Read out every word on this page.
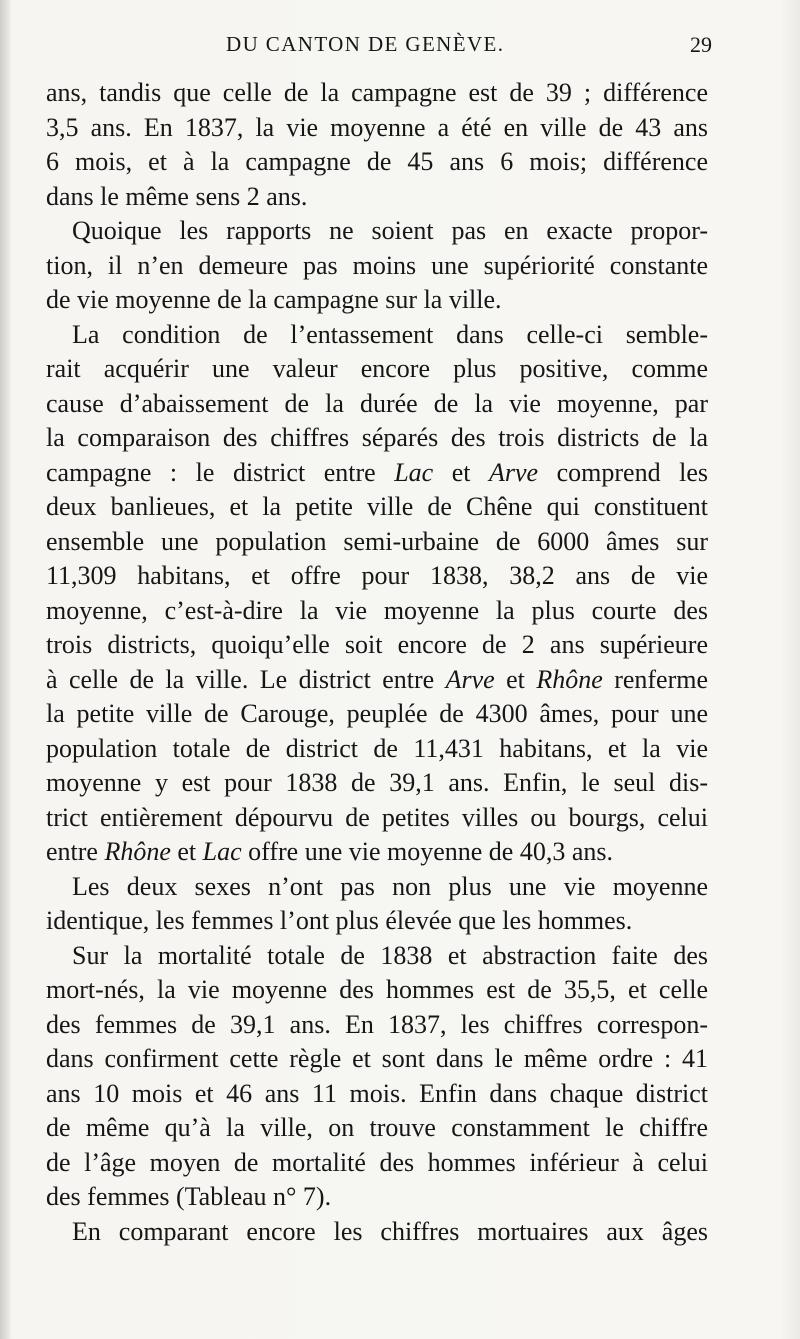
DU CANTON DE GENÈVE.	29
ans, tandis que celle de la campagne est de 39 ; différence
3,5 ans. En 1837, la vie moyenne a été en ville de 43 ans
6 mois, et à la campagne de 45 ans 6 mois; différence
dans le même sens 2 ans.
Quoique les rapports ne soient pas en exacte propor-
tion, il n’en demeure pas moins une supériorité constante
de vie moyenne de la campagne sur la ville.
La condition de l’entassement dans celle-ci semble-
rait acquérir une valeur encore plus positive, comme
cause d’abaissement de la durée de la vie moyenne, par
la comparaison des chiffres séparés des trois districts de la
campagne : le district entre Lac et Arve comprend les
deux banlieues, et la petite ville de Chêne qui constituent
ensemble une population semi-urbaine de 6000 âmes sur
11,309 habitans, et offre pour 1838, 38,2 ans de vie
moyenne, c’est-à-dire la vie moyenne la plus courte des
trois districts, quoiqu’elle soit encore de 2 ans supérieure
à celle de la ville. Le district entre Arve et Rhône renferme
la petite ville de Carouge, peuplée de 4300 âmes, pour une
population totale de district de 11,431 habitans, et la vie
moyenne y est pour 1838 de 39,1 ans. Enfin, le seul dis-
trict entièrement dépourvu de petites villes ou bourgs, celui
entre Rhône et Lac offre une vie moyenne de 40,3 ans.
Les deux sexes n’ont pas non plus une vie moyenne
identique, les femmes l’ont plus élevée que les hommes.
Sur la mortalité totale de 1838 et abstraction faite des
mort-nés, la vie moyenne des hommes est de 35,5, et celle
des femmes de 39,1 ans. En 1837, les chiffres correspon-
dans confirment cette règle et sont dans le même ordre : 41
ans 10 mois et 46 ans 11 mois. Enfin dans chaque district
de même qu’à la ville, on trouve constamment le chiffre
de l’âge moyen de mortalité des hommes inférieur à celui
des femmes (Tableau n° 7).
En comparant encore les chiffres mortuaires aux âges
